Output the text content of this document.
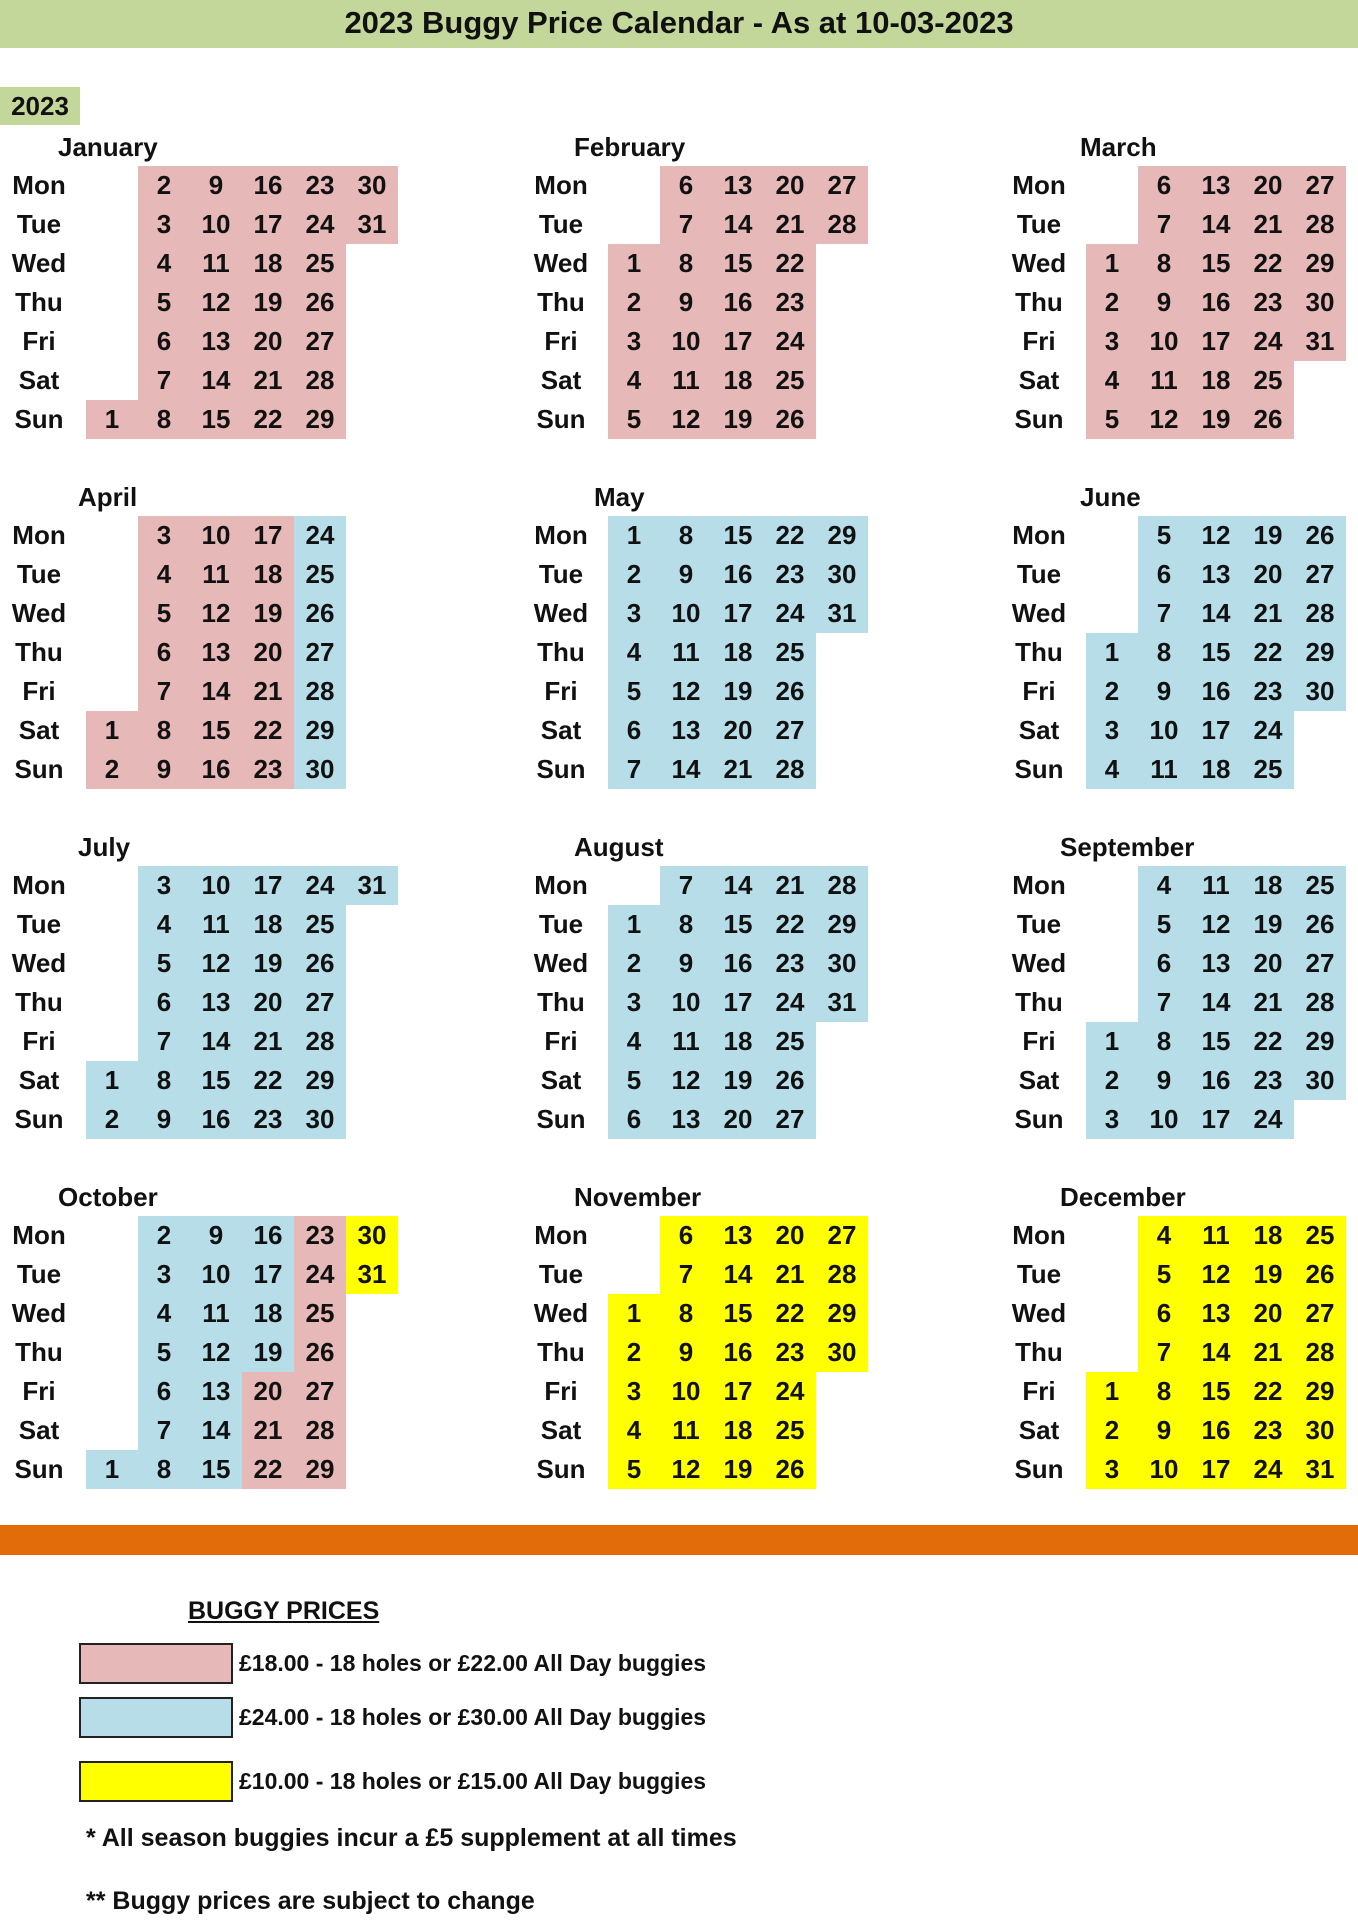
2023 Buggy Price Calendar - As at 10-03-2023
2023
January
Mon
Tue
Wed
Thu
Fri
Sat
Sun	1
2
3
4
5
6
7
8
9
10
11
12
13
14
15
16
17
18
19
20
21
22
23
24
25
26
27
28
29
30
31
February
Mon
Tue
Wed
Thu
Fri
Sat
Sun
1
2
3
4
5
6
7
8
9
10
11
12
13
14
15
16
17
18
19
20
21
22
23
24
25
26
27
28
March
Mon
Tue
Wed
Thu
Fri
Sat
Sun
1
2
3
4
5
6
7
8
9
10
11
12
13
14
15
16
17
18
19
20
21
22
23
24
25
26
27
28
29
30
31
April
Mon
Tue
Wed
Thu
Fri
Sat
Sun
1
2
3
4
5
6
7
8
9
10
11
12
13
14
15
16
17
18
19
20
21
22
23
24
25
26
27
28
29
30
May
Mon
Tue
Wed
Thu
Fri
Sat
Sun
1
2
3
4
5
6
7
8
9
10
11
12
13
14
15
16
17
18
19
20
21
22
23
24
25
26
27
28
29
30
31
June
Mon
Tue
Wed
Thu
Fri
Sat
Sun
1
2
3
4
5
6
7
8
9
10
11
12
13
14
15
16
17
18
19
20
21
22
23
24
25
26
27
28
29
30
July
Mon
Tue
Wed
Thu
Fri
Sat
Sun
1
2
3
4
5
6
7
8
9
10
11
12
13
14
15
16
17
18
19
20
21
22
23
24
25
26
27
28
29
30
31
August
Mon
Tue
Wed
Thu
Fri
Sat
Sun
1
2
3
4
5
6
7
8
9
10
11
12
13
14
15
16
17
18
19
20
21
22
23
24
25
26
27
28
29
30
31
September
Mon
Tue
Wed
Thu
Fri
Sat
Sun
1
2
3
4
5
6
7
8
9
10
11
12
13
14
15
16
17
18
19
20
21
22
23
24
25
26
27
28
29
30
October
Mon
Tue
Wed
Thu
Fri
Sat
Sun	1
2
3
4
5
6
7
8
9
10
11
12
13
14
15
16
17
18
19
20
21
22
23
24
25
26
27
28
29
30
31
November
Mon
Tue
Wed
Thu
Fri
Sat
Sun
1
2
3
4
5
6
7
8
9
10
11
12
13
14
15
16
17
18
19
20
21
22
23
24
25
26
27
28
29
30
December
Mon
Tue
Wed
Thu
Fri
Sat
Sun
1
2
3
4
5
6
7
8
9
10
11
12
13
14
15
16
17
18
19
20
21
22
23
24
25
26
27
28
29
30
31
BUGGY PRICES
£18.00 - 18 holes or £22.00 All Day buggies
£24.00 - 18 holes or £30.00 All Day buggies
£10.00 - 18 holes or £15.00 All Day buggies
* All season buggies incur a £5 supplement at all times
** Buggy prices are subject to change
